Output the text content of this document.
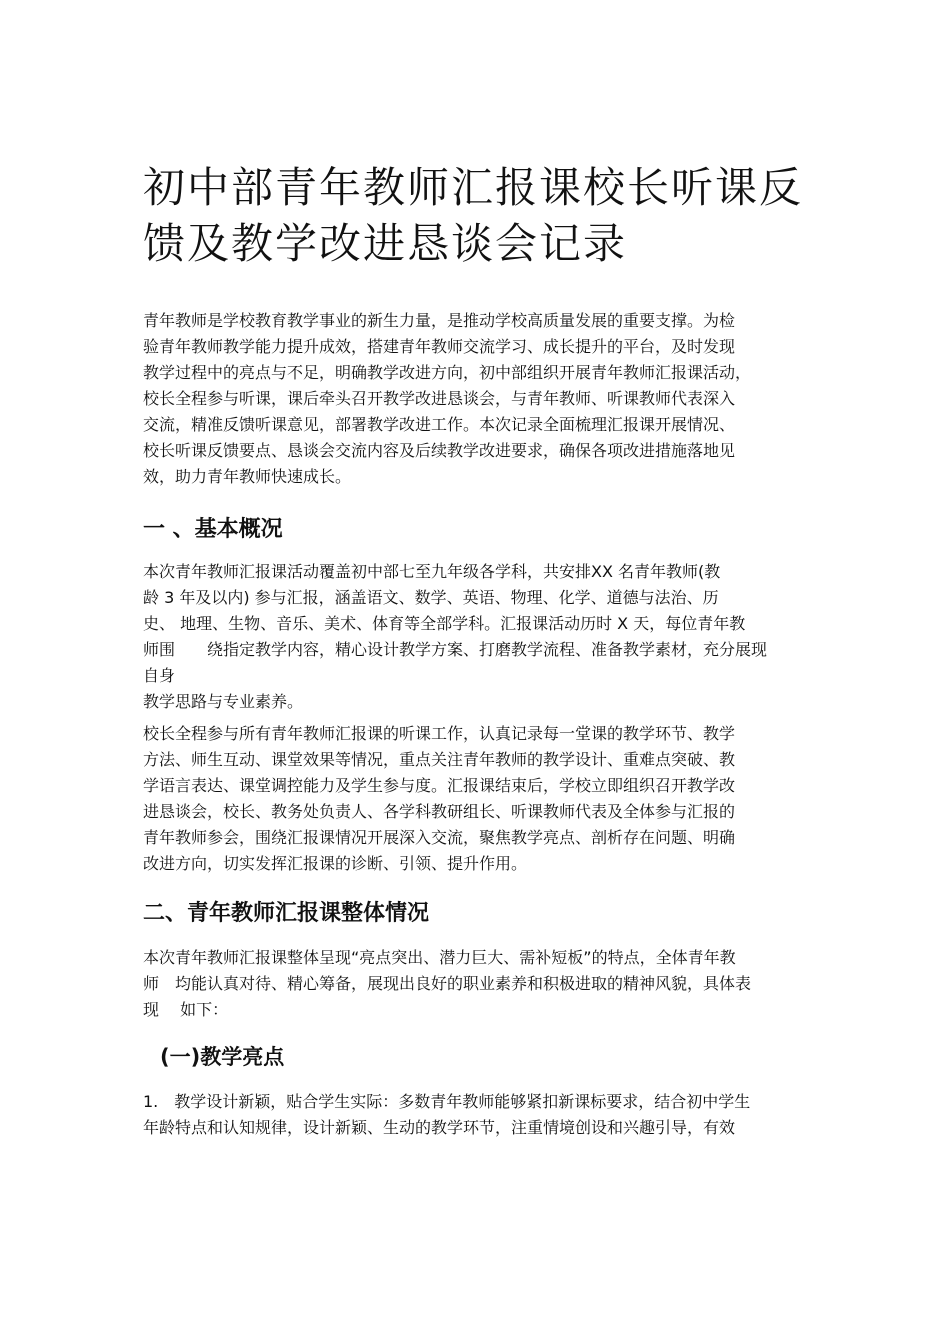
初中部青年教师汇报课校长听课反
馈及教学改进恳谈会记录
青年教师是学校教育教学事业的新生力量，是推动学校高质量发展的重要支撑。为检
验青年教师教学能力提升成效，搭建青年教师交流学习、成长提升的平台，及时发现
教学过程中的亮点与不足，明确教学改进方向，初中部组织开展青年教师汇报课活动，
校长全程参与听课，课后牵头召开教学改进恳谈会，与青年教师、听课教师代表深入
交流，精准反馈听课意见，部署教学改进工作。本次记录全面梳理汇报课开展情况、
校长听课反馈要点、恳谈会交流内容及后续教学改进要求，确保各项改进措施落地见
效，助力青年教师快速成长。
一 、基本概况
本次青年教师汇报课活动覆盖初中部七至九年级各学科，共安排XX 名青年教师(教
龄 3 年及以内) 参与汇报，涵盖语文、数学、英语、物理、化学、道德与法治、历
史、 地理、生物、音乐、美术、体育等全部学科。汇报课活动历时 X 天，每位青年教
师围　　绕指定教学内容，精心设计教学方案、打磨教学流程、准备教学素材，充分展现
自身
教学思路与专业素养。
校长全程参与所有青年教师汇报课的听课工作，认真记录每一堂课的教学环节、教学
方法、师生互动、课堂效果等情况，重点关注青年教师的教学设计、重难点突破、教
学语言表达、课堂调控能力及学生参与度。汇报课结束后，学校立即组织召开教学改
进恳谈会，校长、教务处负责人、各学科教研组长、听课教师代表及全体参与汇报的
青年教师参会，围绕汇报课情况开展深入交流，聚焦教学亮点、剖析存在问题、明确
改进方向，切实发挥汇报课的诊断、引领、提升作用。
二、青年教师汇报课整体情况
本次青年教师汇报课整体呈现“亮点突出、潜力巨大、需补短板”的特点，全体青年教
师　均能认真对待、精心筹备，展现出良好的职业素养和积极进取的精神风貌，具体表
现　 如下：
(一)教学亮点
1.　教学设计新颖，贴合学生实际：多数青年教师能够紧扣新课标要求，结合初中学生
年龄特点和认知规律，设计新颖、生动的教学环节，注重情境创设和兴趣引导，有效
